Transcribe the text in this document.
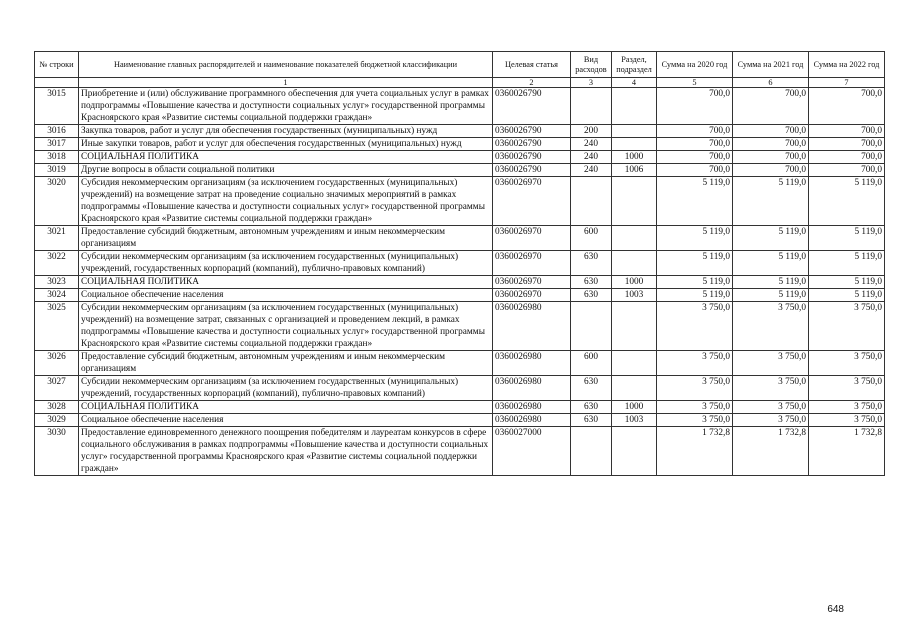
№ строки	Наименование главных распорядителей и наименование показателей бюджетной классификации	Целевая статья	Вид расходов	Раздел, подраздел	Сумма на 2020 год	Сумма на 2021 год	Сумма на 2022 год
	1	2	3	4	5	6	7
3015	Приобретение и (или) обслуживание программного обеспечения для учета социальных услуг в рамках подпрограммы «Повышение качества и доступности социальных услуг» государственной программы Красноярского края «Развитие системы социальной поддержки граждан»	0360026790			700,0	700,0	700,0
3016	Закупка товаров, работ и услуг для обеспечения государственных (муниципальных) нужд	0360026790	200		700,0	700,0	700,0
3017	Иные закупки товаров, работ и услуг для обеспечения государственных (муниципальных) нужд	0360026790	240		700,0	700,0	700,0
3018	СОЦИАЛЬНАЯ ПОЛИТИКА	0360026790	240	1000	700,0	700,0	700,0
3019	Другие вопросы в области социальной политики	0360026790	240	1006	700,0	700,0	700,0
3020	Субсидия некоммерческим организациям (за исключением государственных (муниципальных) учреждений) на возмещение затрат на проведение социально значимых мероприятий в рамках подпрограммы «Повышение качества и доступности социальных услуг» государственной программы Красноярского края «Развитие системы социальной поддержки граждан»	0360026970			5 119,0	5 119,0	5 119,0
3021	Предоставление субсидий бюджетным, автономным учреждениям и иным некоммерческим организациям	0360026970	600		5 119,0	5 119,0	5 119,0
3022	Субсидии некоммерческим организациям (за исключением государственных (муниципальных) учреждений, государственных корпораций (компаний), публично-правовых компаний)	0360026970	630		5 119,0	5 119,0	5 119,0
3023	СОЦИАЛЬНАЯ ПОЛИТИКА	0360026970	630	1000	5 119,0	5 119,0	5 119,0
3024	Социальное обеспечение населения	0360026970	630	1003	5 119,0	5 119,0	5 119,0
3025	Субсидии некоммерческим организациям (за исключением государственных (муниципальных) учреждений) на возмещение затрат, связанных с организацией и проведением лекций, в рамках подпрограммы «Повышение качества и доступности социальных услуг» государственной программы Красноярского края «Развитие системы социальной поддержки граждан»	0360026980			3 750,0	3 750,0	3 750,0
3026	Предоставление субсидий бюджетным, автономным учреждениям и иным некоммерческим организациям	0360026980	600		3 750,0	3 750,0	3 750,0
3027	Субсидии некоммерческим организациям (за исключением государственных (муниципальных) учреждений, государственных корпораций (компаний), публично-правовых компаний)	0360026980	630		3 750,0	3 750,0	3 750,0
3028	СОЦИАЛЬНАЯ ПОЛИТИКА	0360026980	630	1000	3 750,0	3 750,0	3 750,0
3029	Социальное обеспечение населения	0360026980	630	1003	3 750,0	3 750,0	3 750,0
3030	Предоставление единовременного денежного поощрения победителям и лауреатам конкурсов в сфере социального обслуживания в рамках подпрограммы «Повышение качества и доступности социальных услуг» государственной программы Красноярского края «Развитие системы социальной поддержки граждан»	0360027000			1 732,8	1 732,8	1 732,8
648
